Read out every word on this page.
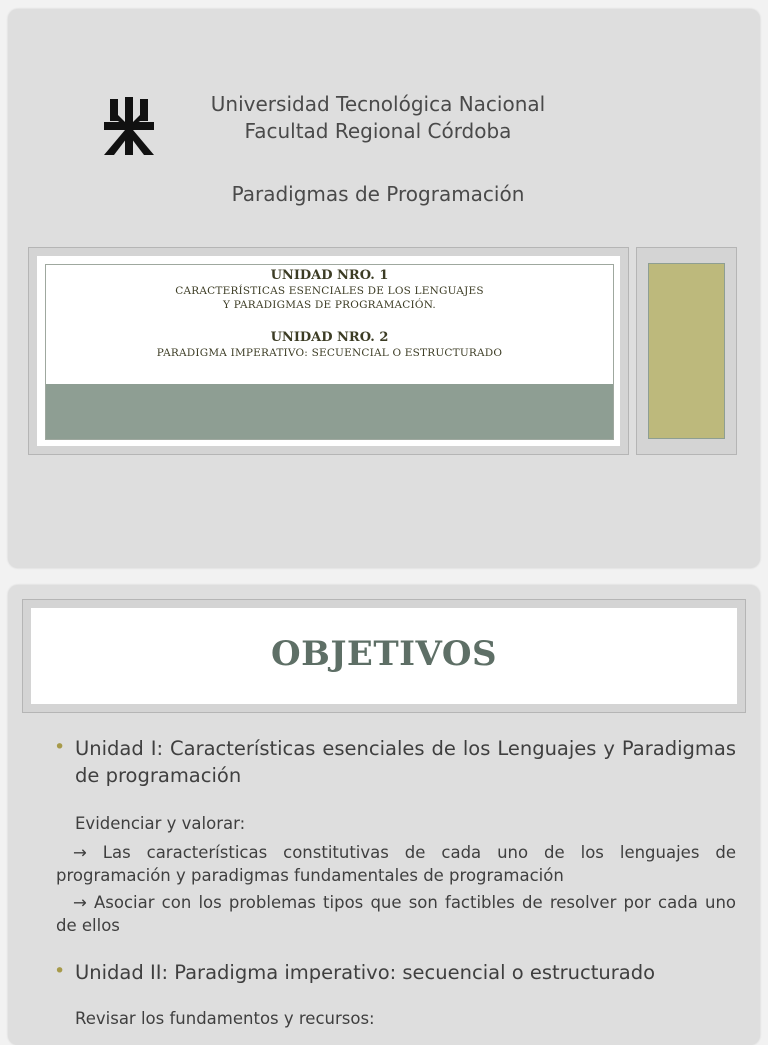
Universidad Tecnológica Nacional
Facultad Regional Córdoba
Paradigmas de Programación
UNIDAD NRO. 1
CARACTERÍSTICAS ESENCIALES DE LOS LENGUAJES
Y PARADIGMAS DE PROGRAMACIÓN.
UNIDAD NRO. 2
PARADIGMA IMPERATIVO: SECUENCIAL O ESTRUCTURADO
OBJETIVOS
• Unidad I: Características esenciales de los Lenguajes y Paradigmas de programación
Evidenciar y valorar:
→ Las características constitutivas de cada uno de los lenguajes de programación y paradigmas fundamentales de programación
→ Asociar con los problemas tipos que son factibles de resolver por cada uno de ellos
• Unidad II: Paradigma imperativo: secuencial o estructurado
Revisar los fundamentos y recursos:
